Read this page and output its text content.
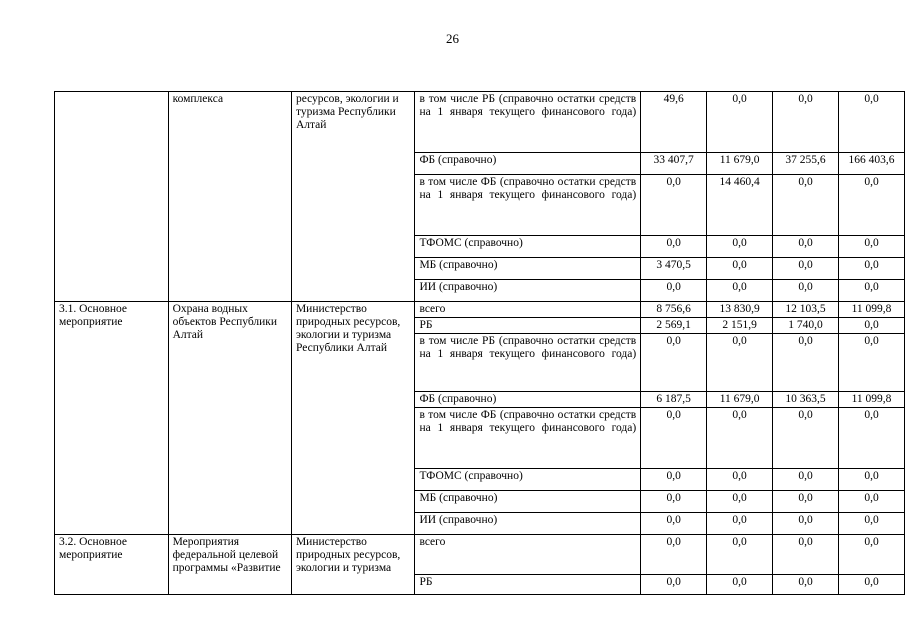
26
	комплекса	ресурсов, экологии и туризма Республики Алтай	в том числе РБ (справочно остатки средств на 1 января текущего финансового года)	49,6	0,0	0,0	0,0
			ФБ (справочно)	33 407,7	11 679,0	37 255,6	166 403,6
			в том числе ФБ (справочно остатки средств на 1 января текущего финансового года)	0,0	14 460,4	0,0	0,0
			ТФОМС (справочно)	0,0	0,0	0,0	0,0
			МБ (справочно)	3 470,5	0,0	0,0	0,0
			ИИ (справочно)	0,0	0,0	0,0	0,0
3.1. Основное мероприятие	Охрана водных объектов Республики Алтай	Министерство природных ресурсов, экологии и туризма Республики Алтай	всего	8 756,6	13 830,9	12 103,5	11 099,8
			РБ	2 569,1	2 151,9	1 740,0	0,0
			в том числе РБ (справочно остатки средств на 1 января текущего финансового года)	0,0	0,0	0,0	0,0
			ФБ (справочно)	6 187,5	11 679,0	10 363,5	11 099,8
			в том числе ФБ (справочно остатки средств на 1 января текущего финансового года)	0,0	0,0	0,0	0,0
			ТФОМС (справочно)	0,0	0,0	0,0	0,0
			МБ (справочно)	0,0	0,0	0,0	0,0
			ИИ (справочно)	0,0	0,0	0,0	0,0
3.2. Основное мероприятие	Мероприятия федеральной целевой программы «Развитие	Министерство природных ресурсов, экологии и туризма	всего	0,0	0,0	0,0	0,0
			РБ	0,0	0,0	0,0	0,0
